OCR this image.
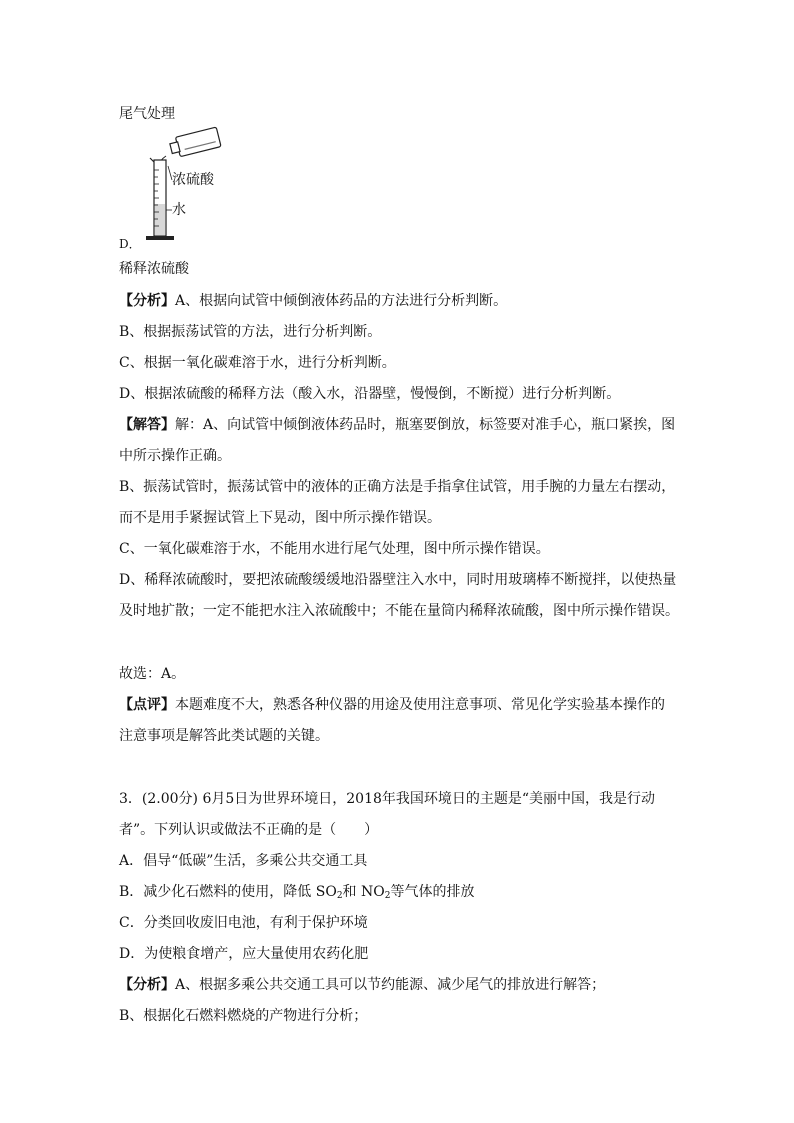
尾气处理
浓硫酸
水
D．
稀释浓硫酸
【分析】A、根据向试管中倾倒液体药品的方法进行分析判断。
B、根据振荡试管的方法，进行分析判断。
C、根据一氧化碳难溶于水，进行分析判断。
D、根据浓硫酸的稀释方法（酸入水，沿器壁，慢慢倒，不断搅）进行分析判断。
【解答】解：A、向试管中倾倒液体药品时，瓶塞要倒放，标签要对准手心，瓶口紧挨，图
中所示操作正确。
B、振荡试管时，振荡试管中的液体的正确方法是手指拿住试管，用手腕的力量左右摆动，
而不是用手紧握试管上下晃动，图中所示操作错误。
C、一氧化碳难溶于水，不能用水进行尾气处理，图中所示操作错误。
D、稀释浓硫酸时，要把浓硫酸缓缓地沿器壁注入水中，同时用玻璃棒不断搅拌，以使热量
及时地扩散；一定不能把水注入浓硫酸中；不能在量筒内稀释浓硫酸，图中所示操作错误。
故选：A。
【点评】本题难度不大，熟悉各种仪器的用途及使用注意事项、常见化学实验基本操作的
注意事项是解答此类试题的关键。
3．(2.00分) 6月5日为世界环境日，2018年我国环境日的主题是“美丽中国，我是行动
者”。下列认识或做法不正确的是（　　）
A．倡导“低碳”生活，多乘公共交通工具
B．减少化石燃料的使用，降低 $SO_2$和 $NO_2$等气体的排放
C．分类回收废旧电池，有利于保护环境
D．为使粮食增产，应大量使用农药化肥
【分析】A、根据多乘公共交通工具可以节约能源、减少尾气的排放进行解答；
B、根据化石燃料燃烧的产物进行分析；
